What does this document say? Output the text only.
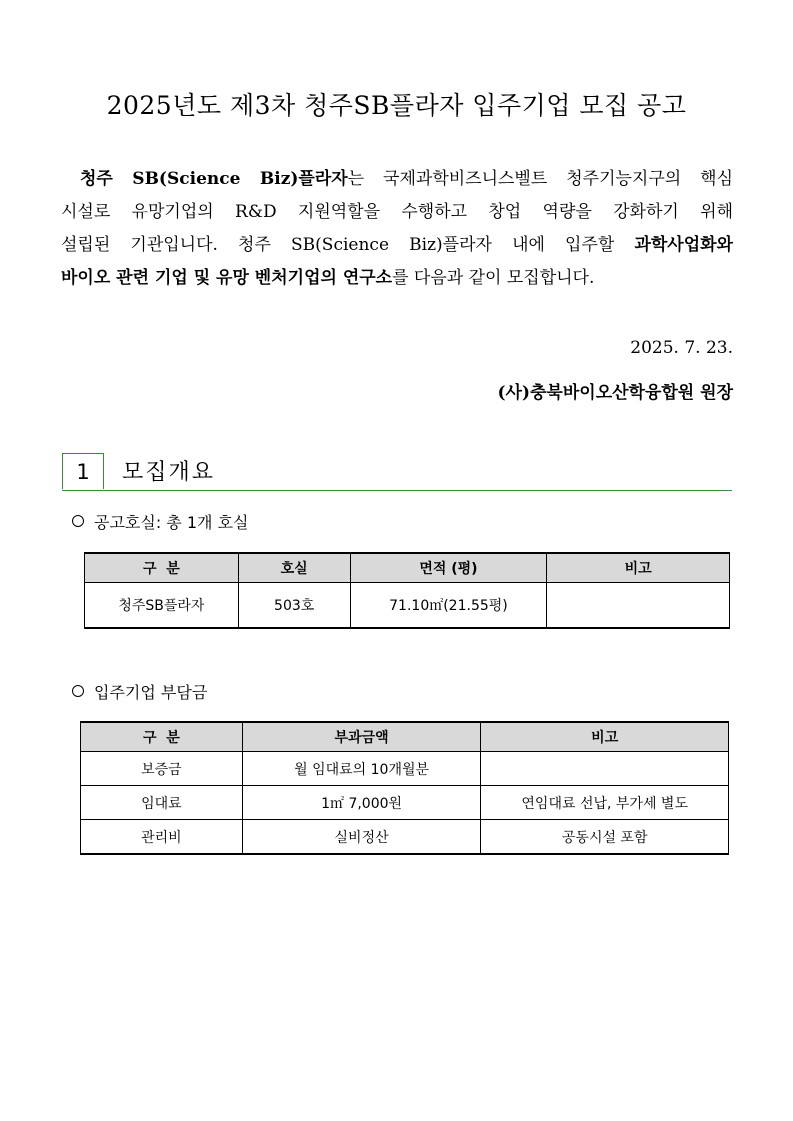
2025년도 제3차 청주SB플라자 입주기업 모집 공고
청주 SB(Science Biz)플라자는 국제과학비즈니스벨트 청주기능지구의 핵심
시설로 유망기업의 R&D 지원역할을 수행하고 창업 역량을 강화하기 위해
설립된 기관입니다. 청주 SB(Science Biz)플라자 내에 입주할 과학사업화와
바이오 관련 기업 및 유망 벤처기업의 연구소를 다음과 같이 모집합니다.
2025. 7. 23.
(사)충북바이오산학융합원 원장
1	모집개요
공고호실: 총 1개 호실
구  분	호실	면적 (평)	비고
청주SB플라자	503호	71.10㎡(21.55평)	
입주기업 부담금
구  분	부과금액	비고
보증금	월 임대료의 10개월분	
임대료	1㎡ 7,000원	연임대료 선납, 부가세 별도
관리비	실비정산	공동시설 포함
